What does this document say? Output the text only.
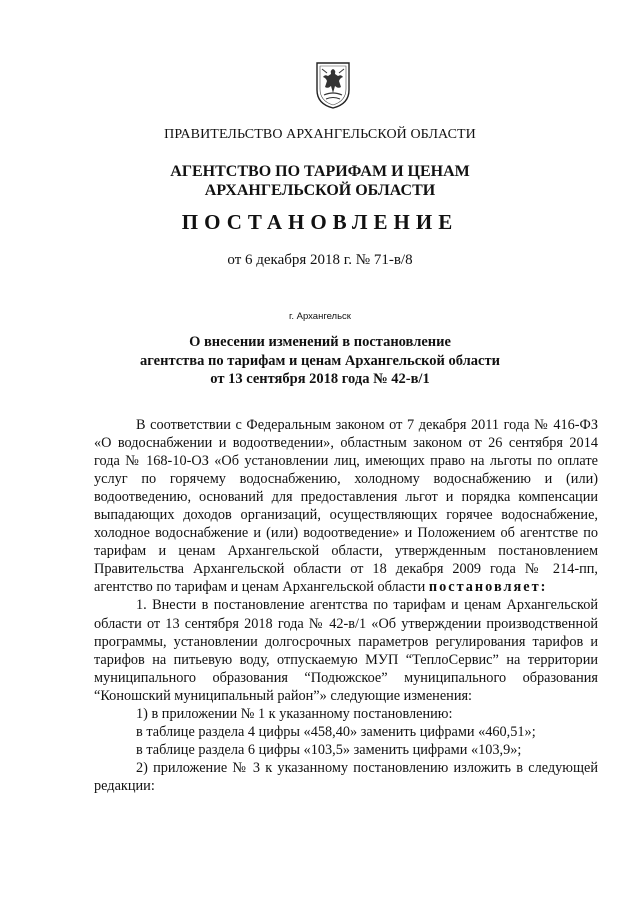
ПРАВИТЕЛЬСТВО АРХАНГЕЛЬСКОЙ ОБЛАСТИ
АГЕНТСТВО ПО ТАРИФАМ И ЦЕНАМ
АРХАНГЕЛЬСКОЙ ОБЛАСТИ
ПОСТАНОВЛЕНИЕ
от 6 декабря 2018 г. № 71-в/8
г. Архангельск
О внесении изменений в постановление
агентства по тарифам и ценам Архангельской области
от 13 сентября 2018 года № 42-в/1

В соответствии с Федеральным законом от 7 декабря 2011 года № 416-ФЗ «О водоснабжении и водоотведении», областным законом от 26 сентября 2014 года № 168-10-ОЗ «Об установлении лиц, имеющих право на льготы по оплате услуг по горячему водоснабжению, холодному водоснабжению и (или) водоотведению, оснований для предоставления льгот и порядка компенсации выпадающих доходов организаций, осуществляющих горячее водоснабжение, холодное водоснабжение и (или) водоотведение» и Положением об агентстве по тарифам и ценам Архангельской области, утвержденным постановлением Правительства Архангельской области от 18 декабря 2009 года № 214-пп, агентство по тарифам и ценам Архангельской области постановляет:

1. Внести в постановление агентства по тарифам и ценам Архангельской области от 13 сентября 2018 года № 42-в/1 «Об утверждении производственной программы, установлении долгосрочных параметров регулирования тарифов и тарифов на питьевую воду, отпускаемую МУП “ТеплоСервис” на территории муниципального образования “Подюжское” муниципального образования “Коношский муниципальный район”» следующие изменения:

1) в приложении № 1 к указанному постановлению:

в таблице раздела 4 цифры «458,40» заменить цифрами «460,51»;

в таблице раздела 6 цифры «103,5» заменить цифрами «103,9»;

2) приложение № 3 к указанному постановлению изложить в следующей редакции:
